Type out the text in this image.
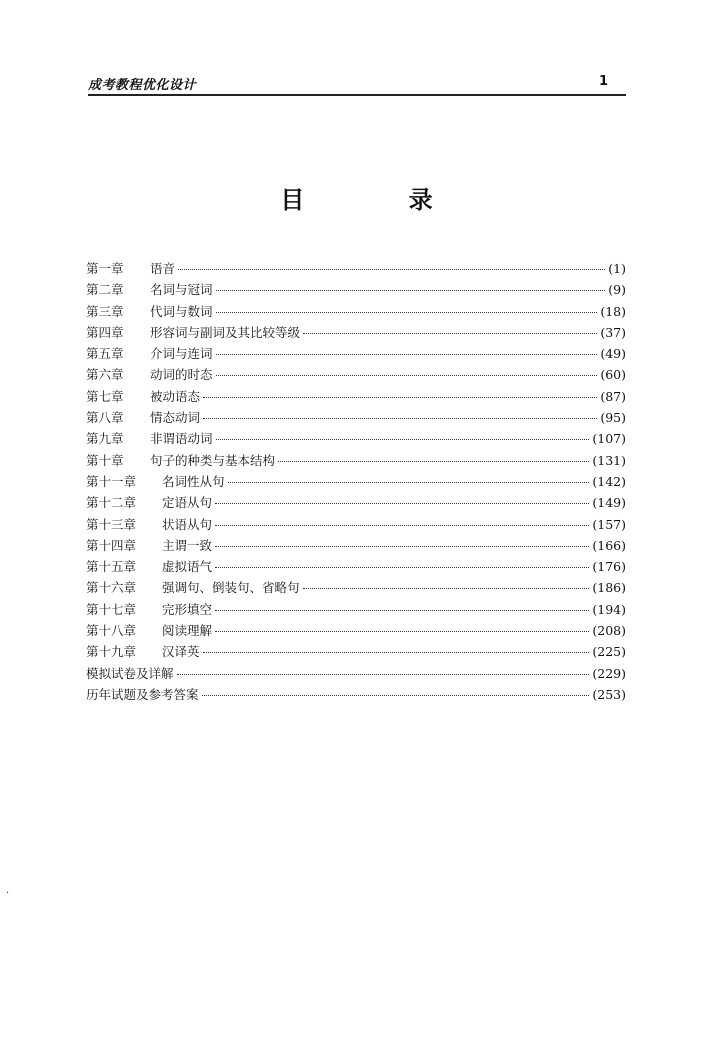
成考教程优化设计	1
目 录
第一章	语音	(1)
第二章	名词与冠词	(9)
第三章	代词与数词	(18)
第四章	形容词与副词及其比较等级	(37)
第五章	介词与连词	(49)
第六章	动词的时态	(60)
第七章	被动语态	(87)
第八章	情态动词	(95)
第九章	非谓语动词	(107)
第十章	句子的种类与基本结构	(131)
第十一章	名词性从句	(142)
第十二章	定语从句	(149)
第十三章	状语从句	(157)
第十四章	主谓一致	(166)
第十五章	虚拟语气	(176)
第十六章	强调句、倒装句、省略句	(186)
第十七章	完形填空	(194)
第十八章	阅读理解	(208)
第十九章	汉译英	(225)
模拟试卷及详解	(229)
历年试题及参考答案	(253)
·
